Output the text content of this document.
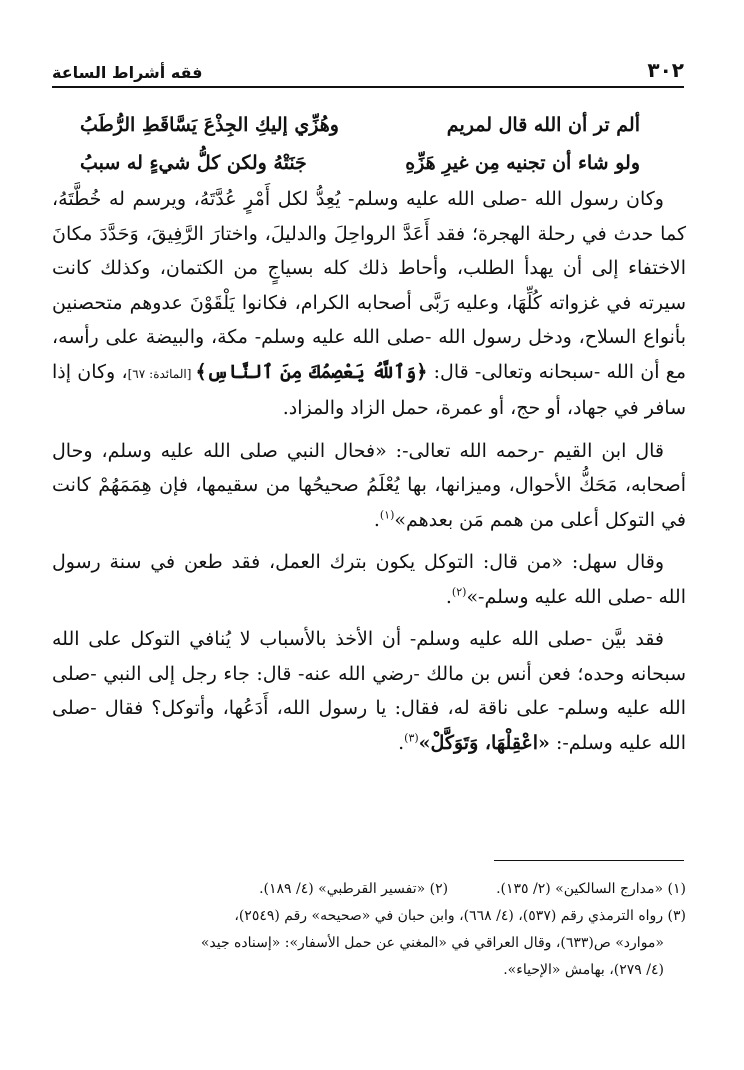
٣٠٢
فقه أشراط الساعة
ألم تر أن الله قال لمريم
وهُزِّي إليكِ الجِذْعَ يَسَّاقَطِ الرُّطَبُ
ولو شاء أن تجنيه مِن غيرِ هَزِّهِ
جَنَتْهُ ولكن كلُّ شيءٍ له سببُ

وكان رسول الله -صلى الله عليه وسلم- يُعِدُّ لكل أَمْرٍ عُدَّتَهُ، ويرسم له خُطَّتَهُ، كما حدث في رحلة الهجرة؛ فقد أَعَدَّ الرواحِلَ والدليلَ، واختارَ الرَّفِيقَ، وَحَدَّدَ مكانَ الاختفاء إلى أن يهدأ الطلب، وأحاط ذلك كله بسياجٍ من الكتمان، وكذلك كانت سيرته في غزواته كُلِّهَا، وعليه رَبَّى أصحابه الكرام، فكانوا يَلْقَوْنَ عدوهم متحصنين بأنواع السلاح، ودخل رسول الله -صلى الله عليه وسلم- مكة، والبيضة على رأسه، مع أن الله -سبحانه وتعالى- قال: ﴿وَٱللَّهُ يَعْصِمُكَ مِنَ ٱلنَّاسِ﴾ [المائدة: ٦٧]، وكان إذا سافر في جهاد، أو حج، أو عمرة، حمل الزاد والمزاد.

قال ابن القيم -رحمه الله تعالى-: «فحال النبي صلى الله عليه وسلم، وحال أصحابه، مَحَكُّ الأحوال، وميزانها، بها يُعْلَمُ صحيحُها من سقيمها، فإن هِمَمَهُمْ كانت في التوكل أعلى من همم مَن بعدهم»$^{(١)}$.

وقال سهل: «من قال: التوكل يكون بترك العمل، فقد طعن في سنة رسول الله -صلى الله عليه وسلم-»$^{(٢)}$.

فقد بيَّن -صلى الله عليه وسلم- أن الأخذ بالأسباب لا يُنافي التوكل على الله سبحانه وحده؛ فعن أنس بن مالك -رضي الله عنه- قال: جاء رجل إلى النبي -صلى الله عليه وسلم- على ناقة له، فقال: يا رسول الله، أَدَعُها، وأتوكل؟ فقال -صلى الله عليه وسلم-: «اعْقِلْهَا، وَتَوَكَّلْ»$^{(٣)}$.

(١) «مدارج السالكين» (٢/ ١٣٥).(٢) «تفسير القرطبي» (٤/ ١٨٩).

(٣) رواه الترمذي رقم (٥٣٧)، (٤/ ٦٦٨)، وابن حبان في «صحيحه» رقم (٢٥٤٩)،

«موارد» ص(٦٣٣)، وقال العراقي في «المغني عن حمل الأسفار»: «إسناده جيد»

(٤/ ٢٧٩)، بهامش «الإحياء».
